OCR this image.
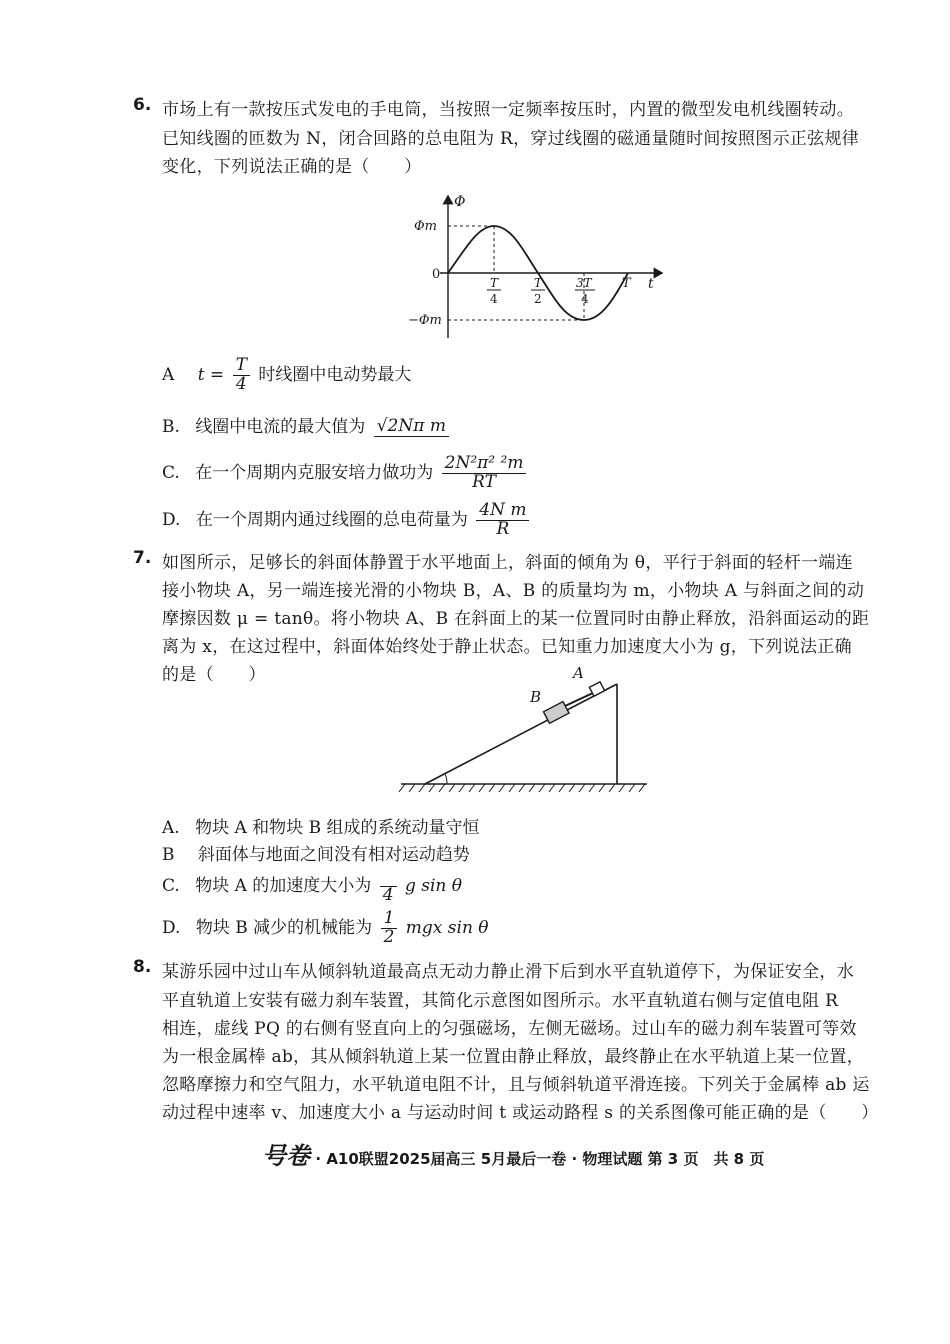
6. 市场上有一款按压式发电的手电筒，当按照一定频率按压时，内置的微型发电机线圈转动。
已知线圈的匝数为 N，闭合回路的总电阻为 R，穿过线圈的磁通量随时间按照图示正弦规律
变化，下列说法正确的是（　　）
Φ
Φm
0
−Φm
t
T
4
T
2
3T
4
T
A $t = \frac{T}{4}$ 时线圈中电动势最大
B. 线圈中电流的最大值为 √2Nπ m
C. 在一个周期内克服安培力做功为 $\frac{\text{2N²π² ²m}}{RT}$
D. 在一个周期内通过线圈的总电荷量为 $\frac{\text{4N m}}{R}$
7. 如图所示，足够长的斜面体静置于水平地面上，斜面的倾角为 θ，平行于斜面的轻杆一端连
接小物块 A，另一端连接光滑的小物块 B，A、B 的质量均为 m，小物块 A 与斜面之间的动
摩擦因数 μ = tanθ。将小物块 A、B 在斜面上的某一位置同时由静止释放，沿斜面运动的距
离为 x，在这过程中，斜面体始终处于静止状态。已知重力加速度大小为 g，下列说法正确
的是（　　）
B
A
A. 物块 A 和物块 B 组成的系统动量守恒
B 斜面体与地面之间没有相对运动趋势
C. 物块 A 的加速度大小为
4 g sin θ
D. 物块 B 减少的机械能为 $\frac{1}{2}$ mgx sin θ
8. 某游乐园中过山车从倾斜轨道最高点无动力静止滑下后到水平直轨道停下，为保证安全，水
平直轨道上安装有磁力刹车装置，其简化示意图如图所示。水平直轨道右侧与定值电阻 R
相连，虚线 PQ 的右侧有竖直向上的匀强磁场，左侧无磁场。过山车的磁力刹车装置可等效
为一根金属棒 ab，其从倾斜轨道上某一位置由静止释放，最终静止在水平轨道上某一位置，
忽略摩擦力和空气阻力，水平轨道电阻不计，且与倾斜轨道平滑连接。下列关于金属棒 ab 运
动过程中速率 v、加速度大小 a 与运动时间 t 或运动路程 s 的关系图像可能正确的是（　　）
号卷 · A10联盟2025届高三 5月最后一卷 · 物理试题 第 3 页　共 8 页
